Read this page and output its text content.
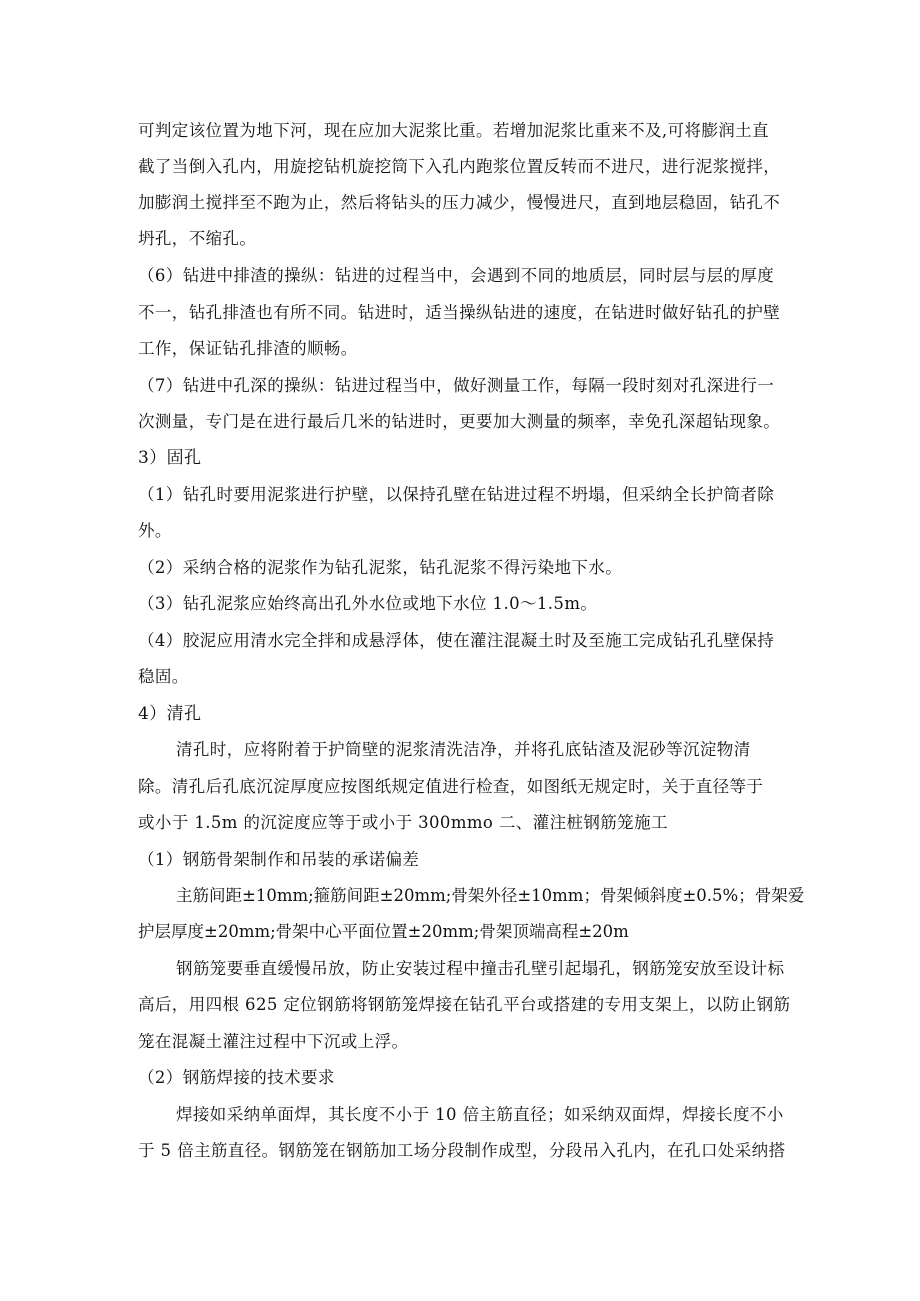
可判定该位置为地下河，现在应加大泥浆比重。若增加泥浆比重来不及,可将膨润土直
截了当倒入孔内，用旋挖钻机旋挖筒下入孔内跑浆位置反转而不进尺，进行泥浆搅拌，
加膨润土搅拌至不跑为止，然后将钻头的压力减少，慢慢进尺，直到地层稳固，钻孔不
坍孔，不缩孔。
（6）钻进中排渣的操纵：钻进的过程当中，会遇到不同的地质层，同时层与层的厚度
不一，钻孔排渣也有所不同。钻进时，适当操纵钻进的速度，在钻进时做好钻孔的护壁
工作，保证钻孔排渣的顺畅。
（7）钻进中孔深的操纵：钻进过程当中，做好测量工作，每隔一段时刻对孔深进行一
次测量，专门是在进行最后几米的钻进时，更要加大测量的频率，幸免孔深超钻现象。
3）固孔
（1）钻孔时要用泥浆进行护壁，以保持孔壁在钻进过程不坍塌，但采纳全长护筒者除
外。
（2）采纳合格的泥浆作为钻孔泥浆，钻孔泥浆不得污染地下水。
（3）钻孔泥浆应始终高出孔外水位或地下水位 1.0～1.5m。
（4）胶泥应用清水完全拌和成悬浮体，使在灌注混凝土时及至施工完成钻孔孔壁保持
稳固。
4）清孔
清孔时，应将附着于护筒壁的泥浆清洗洁净，并将孔底钻渣及泥砂等沉淀物清
除。清孔后孔底沉淀厚度应按图纸规定值进行检查，如图纸无规定时，关于直径等于
或小于 1.5m 的沉淀度应等于或小于 300mmo 二、灌注桩钢筋笼施工
（1）钢筋骨架制作和吊装的承诺偏差
主筋间距±10mm;箍筋间距±20mm;骨架外径±10mm；骨架倾斜度±0.5%；骨架爱
护层厚度±20mm;骨架中心平面位置±20mm;骨架顶端高程±20m
钢筋笼要垂直缓慢吊放，防止安装过程中撞击孔壁引起塌孔，钢筋笼安放至设计标
高后，用四根 625 定位钢筋将钢筋笼焊接在钻孔平台或搭建的专用支架上，以防止钢筋
笼在混凝土灌注过程中下沉或上浮。
（2）钢筋焊接的技术要求
焊接如采纳单面焊，其长度不小于 10 倍主筋直径；如采纳双面焊，焊接长度不小
于 5 倍主筋直径。钢筋笼在钢筋加工场分段制作成型，分段吊入孔内，在孔口处采纳搭
